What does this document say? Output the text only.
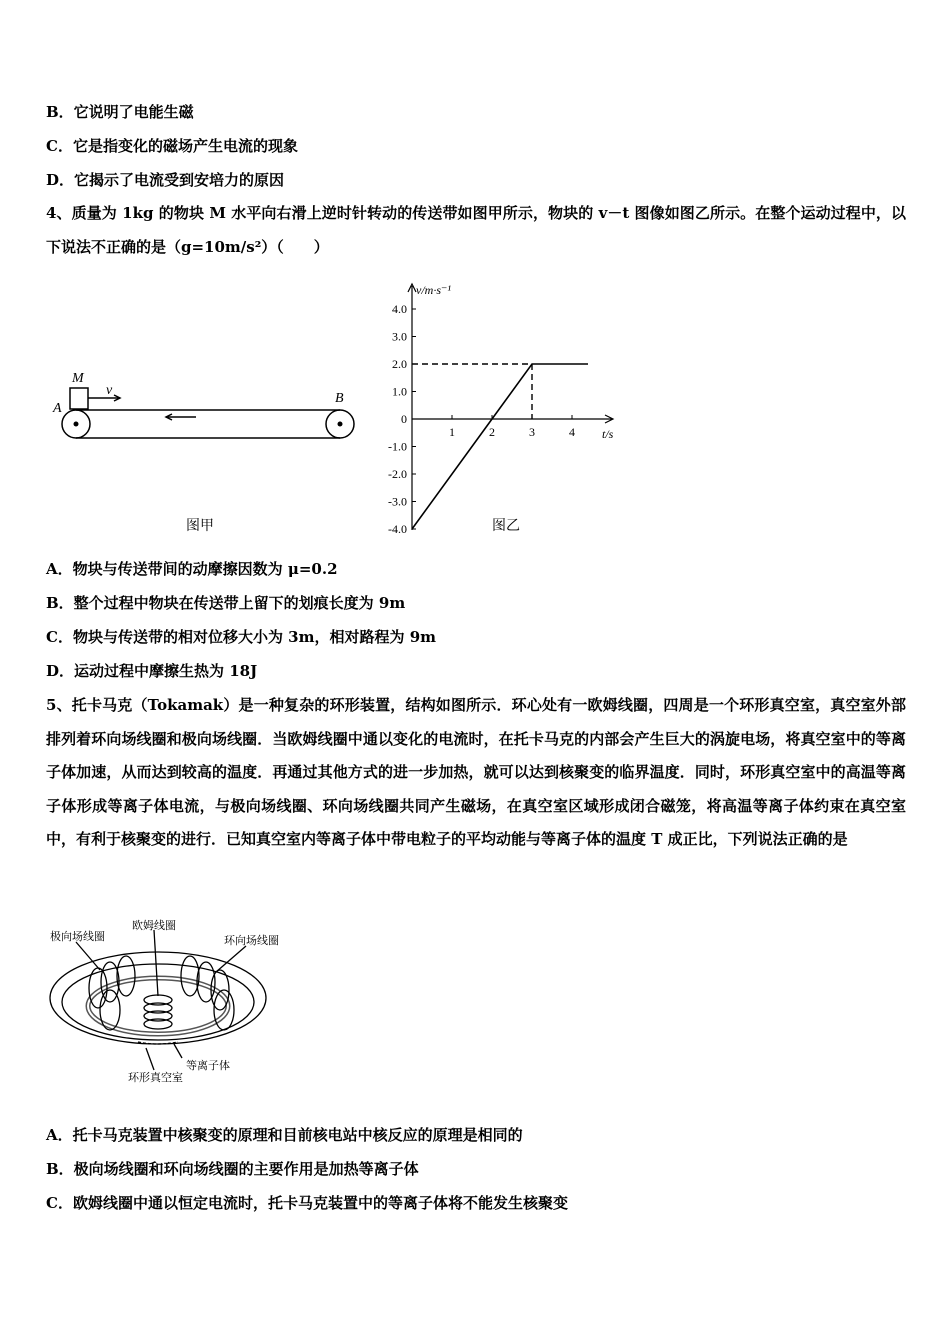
B．它说明了电能生磁
C．它是指变化的磁场产生电流的现象
D．它揭示了电流受到安培力的原因
4、质量为 1kg 的物块 M 水平向右滑上逆时针转动的传送带如图甲所示，物块的 v－t 图像如图乙所示。在整个运动过程中，以下说法不正确的是（g=10m/s²）（　　）
M
v
A
B
图甲
4.0
3.0
2.0
1.0
0
-1.0
-2.0
-3.0
-4.0
1	2	3	4
v/m·s⁻¹
t/s
图乙
A．物块与传送带间的动摩擦因数为 μ=0.2
B．整个过程中物块在传送带上留下的划痕长度为 9m
C．物块与传送带的相对位移大小为 3m，相对路程为 9m
D．运动过程中摩擦生热为 18J
5、托卡马克（Tokamak）是一种复杂的环形装置，结构如图所示．环心处有一欧姆线圈，四周是一个环形真空室，真空室外部排列着环向场线圈和极向场线圈．当欧姆线圈中通以变化的电流时，在托卡马克的内部会产生巨大的涡旋电场，将真空室中的等离子体加速，从而达到较高的温度．再通过其他方式的进一步加热，就可以达到核聚变的临界温度．同时，环形真空室中的高温等离子体形成等离子体电流，与极向场线圈、环向场线圈共同产生磁场，在真空室区域形成闭合磁笼，将高温等离子体约束在真空室中，有利于核聚变的进行．已知真空室内等离子体中带电粒子的平均动能与等离子体的温度 T 成正比，下列说法正确的是
极向场线圈
欧姆线圈
环向场线圈
等离子体
环形真空室
A．托卡马克装置中核聚变的原理和目前核电站中核反应的原理是相同的
B．极向场线圈和环向场线圈的主要作用是加热等离子体
C．欧姆线圈中通以恒定电流时，托卡马克装置中的等离子体将不能发生核聚变
